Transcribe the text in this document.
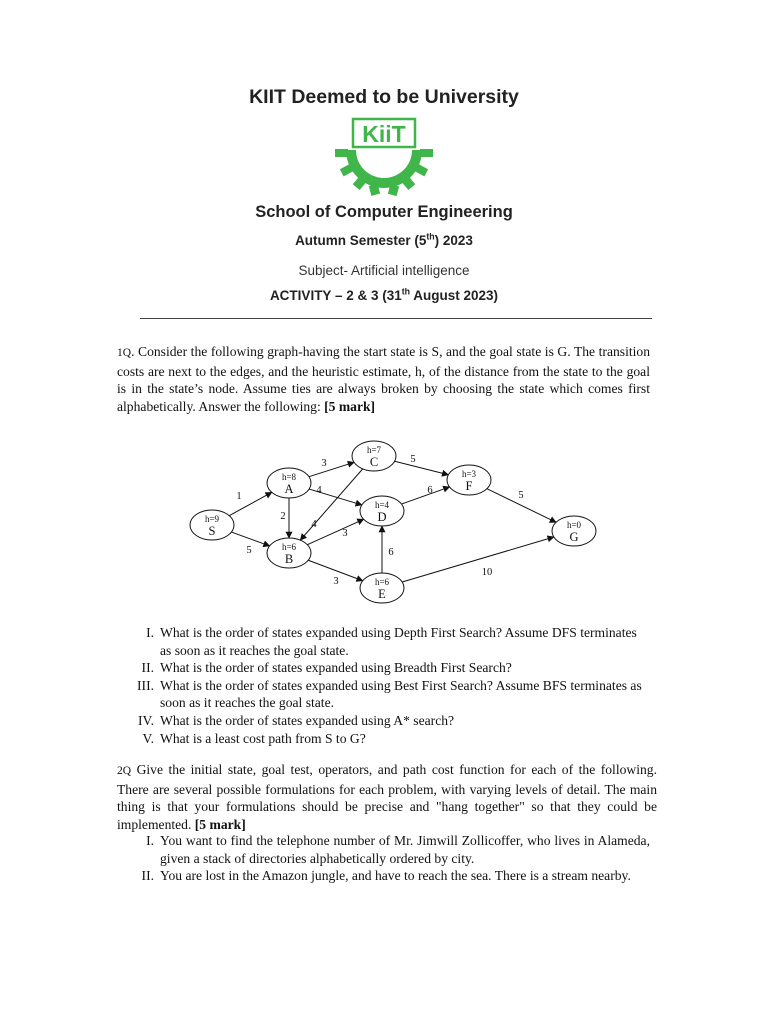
KIIT Deemed to be University
KiiT
School of Computer Engineering
Autumn Semester (5th) 2023
Subject- Artificial intelligence
ACTIVITY – 2 & 3 (31th August 2023)
1Q. Consider the following graph-having the start state is S, and the goal state is G. The transition costs are next to the edges, and the heuristic estimate, h, of the distance from the state to the goal is in the state’s node. Assume ties are always broken by choosing the state which comes first alphabetically. Answer the following: [5 mark]
1
5
3
4
2
4
3
3
5
6
6
5
10
h=9
S
h=8
A
h=6
B
h=7
C
h=4
D
h=6
E
h=3
F
h=0
G
I. What is the order of states expanded using Depth First Search? Assume DFS terminates as soon as it reaches the goal state.
II. What is the order of states expanded using Breadth First Search?
III. What is the order of states expanded using Best First Search? Assume BFS terminates as soon as it reaches the goal state.
IV. What is the order of states expanded using A* search?
V. What is a least cost path from S to G?
2Q Give the initial state, goal test, operators, and path cost function for each of the following. There are several possible formulations for each problem, with varying levels of detail. The main thing is that your formulations should be precise and "hang together" so that they could be implemented. [5 mark]
I. You want to find the telephone number of Mr. Jimwill Zollicoffer, who lives in Alameda, given a stack of directories alphabetically ordered by city.
II. You are lost in the Amazon jungle, and have to reach the sea. There is a stream nearby.
